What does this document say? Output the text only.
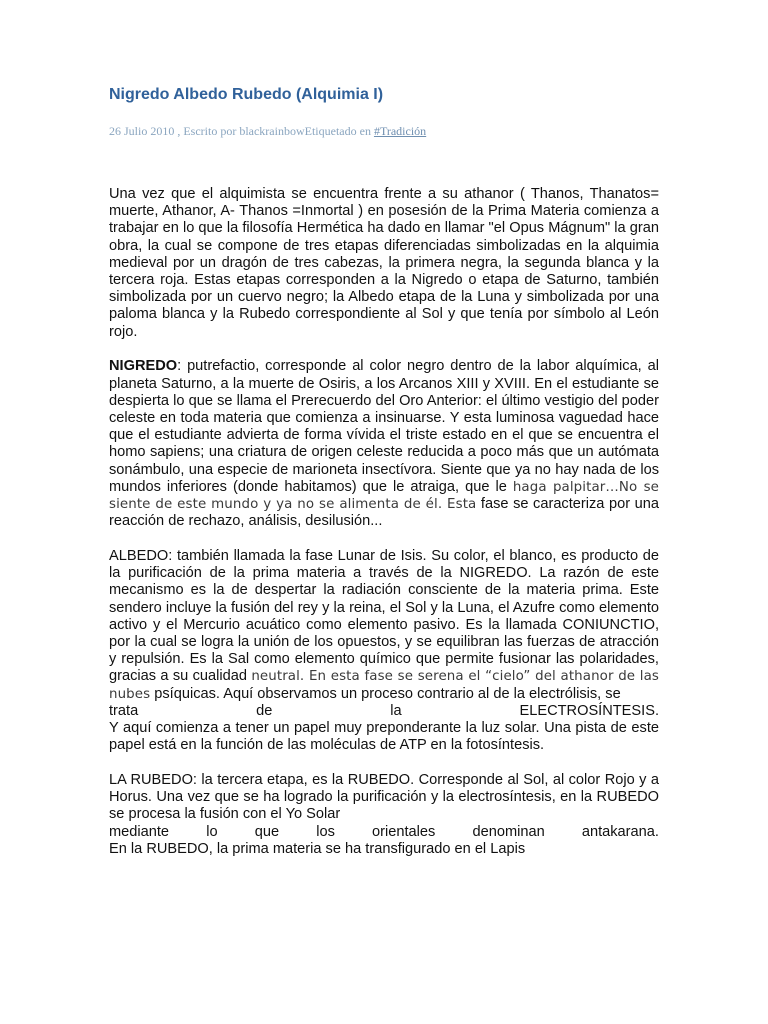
Nigredo Albedo Rubedo (Alquimia I)
26 Julio 2010 , Escrito por blackrainbowEtiquetado en #Tradición

Una vez que el alquimista se encuentra frente a su athanor ( Thanos, Thanatos= muerte, Athanor, A- Thanos =Inmortal ) en posesión de la Prima Materia comienza a trabajar en lo que la filosofía Hermética ha dado en llamar "el Opus Mágnum" la gran obra, la cual se compone de tres etapas diferenciadas simbolizadas en la alquimia medieval por un dragón de tres cabezas, la primera negra, la segunda blanca y la tercera roja. Estas etapas corresponden a la Nigredo o etapa de Saturno, también simbolizada por un cuervo negro; la Albedo etapa de la Luna y simbolizada por una paloma blanca y la Rubedo correspondiente al Sol y que tenía por símbolo al León rojo.

NIGREDO: putrefactio, corresponde al color negro dentro de la labor alquímica, al planeta Saturno, a la muerte de Osiris, a los Arcanos XIII y XVIII. En el estudiante se despierta lo que se llama el Prerecuerdo del Oro Anterior: el último vestigio del poder celeste en toda materia que comienza a insinuarse. Y esta luminosa vaguedad hace que el estudiante advierta de forma vívida el triste estado en el que se encuentra el homo sapiens; una criatura de origen celeste reducida a poco más que un autómata sonámbulo, una especie de marioneta insectívora. Siente que ya no hay nada de los mundos inferiores (donde habitamos) que le atraiga, que le haga palpitar…No se siente de este mundo y ya no se alimenta de él. Esta fase se caracteriza por una reacción de rechazo, análisis, desilusión...

ALBEDO: también llamada la fase Lunar de Isis. Su color, el blanco, es producto de la purificación de la prima materia a través de la NIGREDO. La razón de este mecanismo es la de despertar la radiación consciente de la materia prima. Este sendero incluye la fusión del rey y la reina, el Sol y la Luna, el Azufre como elemento activo y el Mercurio acuático como elemento pasivo. Es la llamada CONIUNCTIO, por la cual se logra la unión de los opuestos, y se equilibran las fuerzas de atracción y repulsión. Es la Sal como elemento químico que permite fusionar las polaridades, gracias a su cualidad neutral. En esta fase se serena el “cielo” del athanor de las nubes psíquicas. Aquí observamos un proceso contrario al de la electrólisis, se
trata	de	la	ELECTROSÍNTESIS.
Y aquí comienza a tener un papel muy preponderante la luz solar. Una pista de este papel está en la función de las moléculas de ATP en la fotosíntesis.

LA RUBEDO: la tercera etapa, es la RUBEDO. Corresponde al Sol, al color Rojo y a Horus. Una vez que se ha logrado la purificación y la electrosíntesis, en la RUBEDO se procesa la fusión con el Yo Solar
mediante	lo	que	los	orientales	denominan	antakarana.
En la RUBEDO, la prima materia se ha transfigurado en el Lapis
